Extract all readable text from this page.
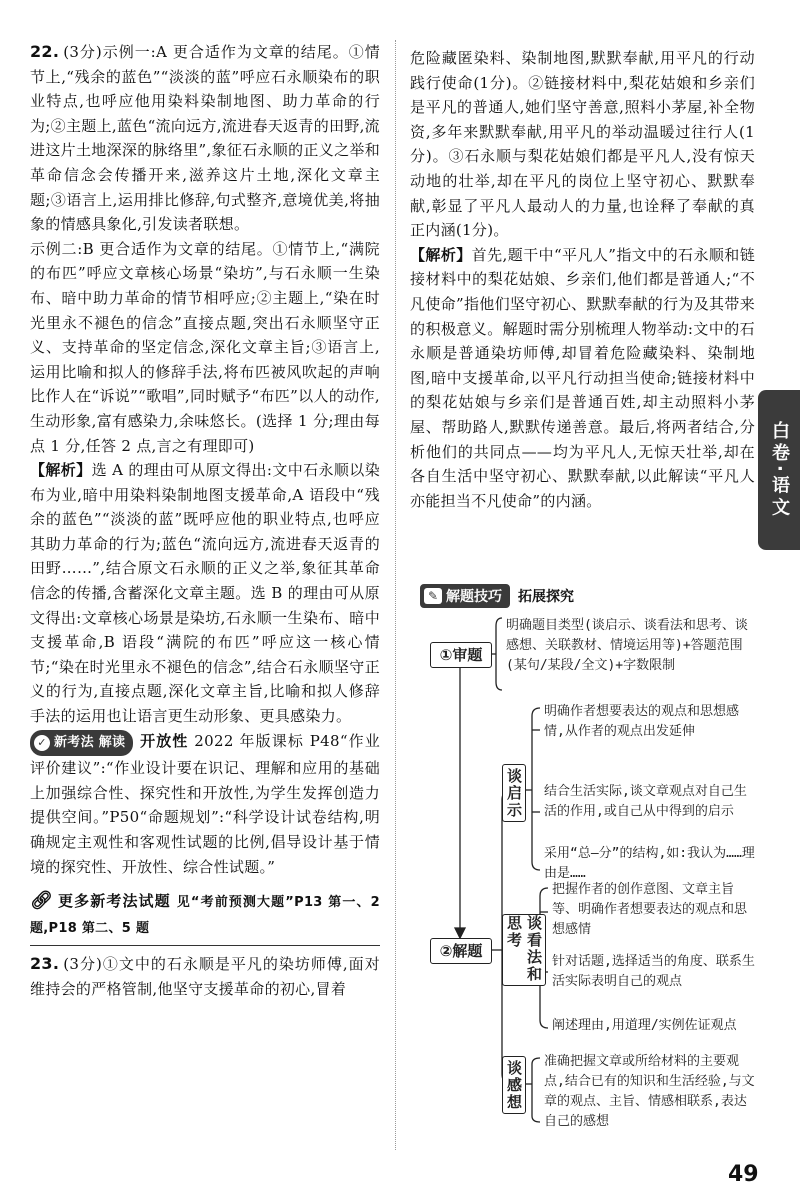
22. (3分)示例一:A 更合适作为文章的结尾。①情节上,“残余的蓝色”“淡淡的蓝”呼应石永顺染布的职业特点,也呼应他用染料染制地图、助力革命的行为;②主题上,蓝色“流向远方,流进春天返青的田野,流进这片土地深深的脉络里”,象征石永顺的正义之举和革命信念会传播开来,滋养这片土地,深化文章主题;③语言上,运用排比修辞,句式整齐,意境优美,将抽象的情感具象化,引发读者联想。

示例二:B 更合适作为文章的结尾。①情节上,“满院的布匹”呼应文章核心场景“染坊”,与石永顺一生染布、暗中助力革命的情节相呼应;②主题上,“染在时光里永不褪色的信念”直接点题,突出石永顺坚守正义、支持革命的坚定信念,深化文章主旨;③语言上,运用比喻和拟人的修辞手法,将布匹被风吹起的声响比作人在“诉说”“歌唱”,同时赋予“布匹”以人的动作,生动形象,富有感染力,余味悠长。(选择 1 分;理由每点 1 分,任答 2 点,言之有理即可)

【解析】选 A 的理由可从原文得出:文中石永顺以染布为业,暗中用染料染制地图支援革命,A 语段中“残余的蓝色”“淡淡的蓝”既呼应他的职业特点,也呼应其助力革命的行为;蓝色“流向远方,流进春天返青的田野……”,结合原文石永顺的正义之举,象征其革命信念的传播,含蓄深化文章主题。选 B 的理由可从原文得出:文章核心场景是染坊,石永顺一生染布、暗中支援革命,B 语段“满院的布匹”呼应这一核心情节;“染在时光里永不褪色的信念”,结合石永顺坚守正义的行为,直接点题,深化文章主旨,比喻和拟人修辞手法的运用也让语言更生动形象、更具感染力。

✓ 新考法 解读 开放性 2022 年版课标 P48“作业评价建议”:“作业设计要在识记、理解和应用的基础上加强综合性、探究性和开放性,为学生发挥创造力提供空间。”P50“命题规划”:“科学设计试卷结构,明确规定主观性和客观性试题的比例,倡导设计基于情境的探究性、开放性、综合性试题。”

🔗︎ 更多新考法试题 见“考前预测大题”P13 第一、2 题,P18 第二、5 题

23. (3分)①文中的石永顺是平凡的染坊师傅,面对维持会的严格管制,他坚守支援革命的初心,冒着

危险藏匿染料、染制地图,默默奉献,用平凡的行动践行使命(1分)。②链接材料中,梨花姑娘和乡亲们是平凡的普通人,她们坚守善意,照料小茅屋,补全物资,多年来默默奉献,用平凡的举动温暖过往行人(1分)。③石永顺与梨花姑娘们都是平凡人,没有惊天动地的壮举,却在平凡的岗位上坚守初心、默默奉献,彰显了平凡人最动人的力量,也诠释了奉献的真正内涵(1分)。

【解析】首先,题干中“平凡人”指文中的石永顺和链接材料中的梨花姑娘、乡亲们,他们都是普通人;“不凡使命”指他们坚守初心、默默奉献的行为及其带来的积极意义。解题时需分别梳理人物举动:文中的石永顺是普通染坊师傅,却冒着危险藏染料、染制地图,暗中支援革命,以平凡行动担当使命;链接材料中的梨花姑娘与乡亲们是普通百姓,却主动照料小茅屋、帮助路人,默默传递善意。最后,将两者结合,分析他们的共同点——均为平凡人,无惊天壮举,却在各自生活中坚守初心、默默奉献,以此解读“平凡人亦能担当不凡使命”的内涵。

✎ 解题技巧 拓展探究
①审题
明确题目类型(谈启示、谈看法和思考、谈感想、关联教材、情境运用等)+答题范围(某句/某段/全文)+字数限制
②解题
谈启示
明确作者想要表达的观点和思想感情,从作者的观点出发延伸
结合生活实际,谈文章观点对自己生活的作用,或自己从中得到的启示
采用“总—分”的结构,如:我认为……理由是……
谈看法和思考
把握作者的创作意图、文章主旨等、明确作者想要表达的观点和思想感情
针对话题,选择适当的角度、联系生活实际表明自己的观点
阐述理由,用道理/实例佐证观点
谈感想 准确把握文章或所给材料的主要观点,结合已有的知识和生活经验,与文章的观点、主旨、情感相联系,表达自己的感想
白卷·语文
49
